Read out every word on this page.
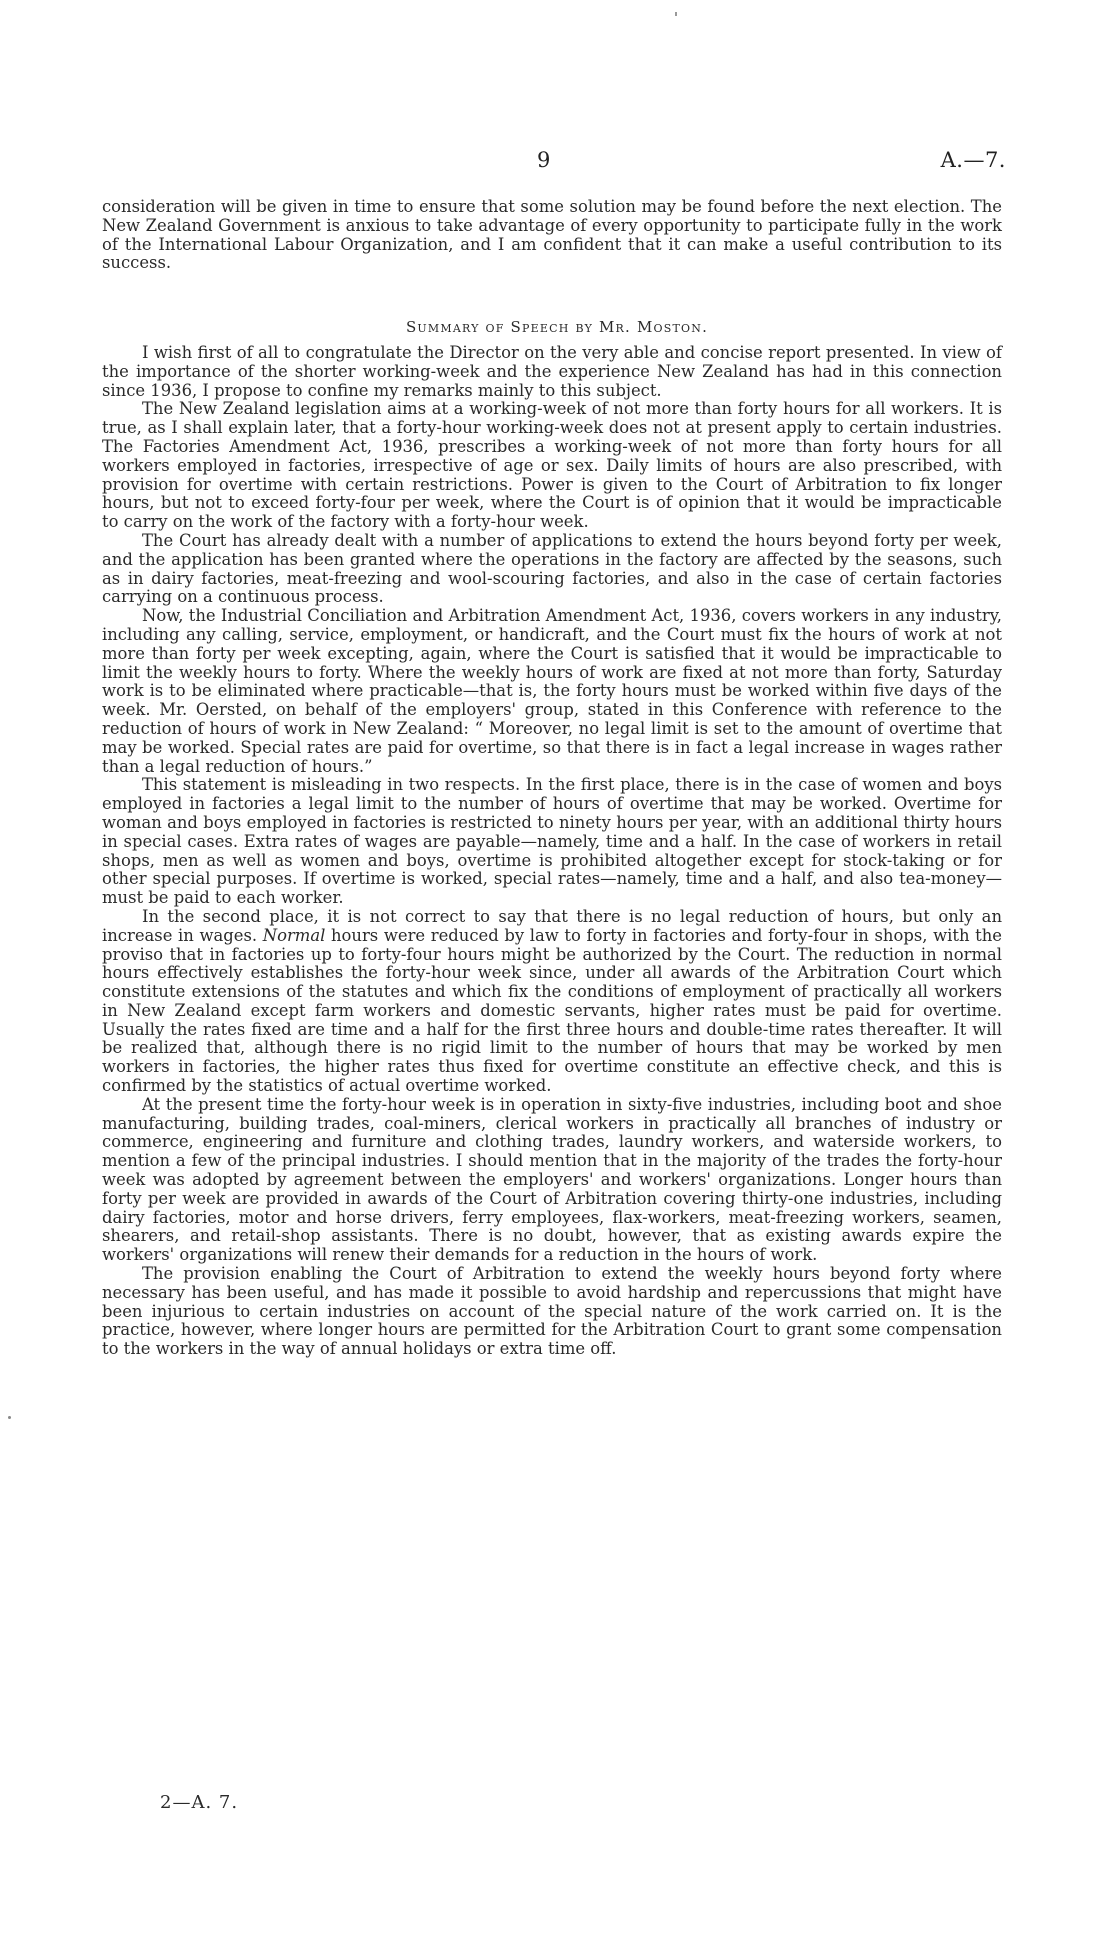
9	A.—7.

consideration will be given in time to ensure that some solution may be found before the next election. The New Zealand Government is anxious to take advantage of every opportunity to participate fully in the work of the International Labour Organization, and I am confident that it can make a useful contribution to its success.

Summary of Speech by Mr. Moston.

I wish first of all to congratulate the Director on the very able and concise report presented. In view of the importance of the shorter working-week and the experience New Zealand has had in this connection since 1936, I propose to confine my remarks mainly to this subject.

The New Zealand legislation aims at a working-week of not more than forty hours for all workers. It is true, as I shall explain later, that a forty-hour working-week does not at present apply to certain industries. The Factories Amendment Act, 1936, prescribes a working-week of not more than forty hours for all workers employed in factories, irrespective of age or sex. Daily limits of hours are also prescribed, with provision for overtime with certain restrictions. Power is given to the Court of Arbitration to fix longer hours, but not to exceed forty-four per week, where the Court is of opinion that it would be impracticable to carry on the work of the factory with a forty-hour week.

The Court has already dealt with a number of applications to extend the hours beyond forty per week, and the application has been granted where the operations in the factory are affected by the seasons, such as in dairy factories, meat-freezing and wool-scouring factories, and also in the case of certain factories carrying on a continuous process.

Now, the Industrial Conciliation and Arbitration Amendment Act, 1936, covers workers in any industry, including any calling, service, employment, or handicraft, and the Court must fix the hours of work at not more than forty per week excepting, again, where the Court is satisfied that it would be impracticable to limit the weekly hours to forty. Where the weekly hours of work are fixed at not more than forty, Saturday work is to be eliminated where practicable—that is, the forty hours must be worked within five days of the week. Mr. Oersted, on behalf of the employers' group, stated in this Conference with reference to the reduction of hours of work in New Zealand: “ Moreover, no legal limit is set to the amount of overtime that may be worked. Special rates are paid for overtime, so that there is in fact a legal increase in wages rather than a legal reduction of hours.”

This statement is misleading in two respects. In the first place, there is in the case of women and boys employed in factories a legal limit to the number of hours of overtime that may be worked. Overtime for woman and boys employed in factories is restricted to ninety hours per year, with an additional thirty hours in special cases. Extra rates of wages are payable—namely, time and a half. In the case of workers in retail shops, men as well as women and boys, overtime is prohibited altogether except for stock-taking or for other special purposes. If overtime is worked, special rates—namely, time and a half, and also tea-money—must be paid to each worker.

In the second place, it is not correct to say that there is no legal reduction of hours, but only an increase in wages. Normal hours were reduced by law to forty in factories and forty-four in shops, with the proviso that in factories up to forty-four hours might be authorized by the Court. The reduction in normal hours effectively establishes the forty-hour week since, under all awards of the Arbitration Court which constitute extensions of the statutes and which fix the conditions of employment of practically all workers in New Zealand except farm workers and domestic servants, higher rates must be paid for overtime. Usually the rates fixed are time and a half for the first three hours and double-time rates thereafter. It will be realized that, although there is no rigid limit to the number of hours that may be worked by men workers in factories, the higher rates thus fixed for overtime constitute an effective check, and this is confirmed by the statistics of actual overtime worked.

At the present time the forty-hour week is in operation in sixty-five industries, including boot and shoe manufacturing, building trades, coal-miners, clerical workers in practically all branches of industry or commerce, engineering and furniture and clothing trades, laundry workers, and waterside workers, to mention a few of the principal industries. I should mention that in the majority of the trades the forty-hour week was adopted by agreement between the employers' and workers' organizations. Longer hours than forty per week are provided in awards of the Court of Arbitration covering thirty-one industries, including dairy factories, motor and horse drivers, ferry employees, flax-workers, meat-freezing workers, seamen, shearers, and retail-shop assistants. There is no doubt, however, that as existing awards expire the workers' organizations will renew their demands for a reduction in the hours of work.

The provision enabling the Court of Arbitration to extend the weekly hours beyond forty where necessary has been useful, and has made it possible to avoid hardship and repercussions that might have been injurious to certain industries on account of the special nature of the work carried on. It is the practice, however, where longer hours are permitted for the Arbitration Court to grant some compensation to the workers in the way of annual holidays or extra time off.

2—A. 7.
